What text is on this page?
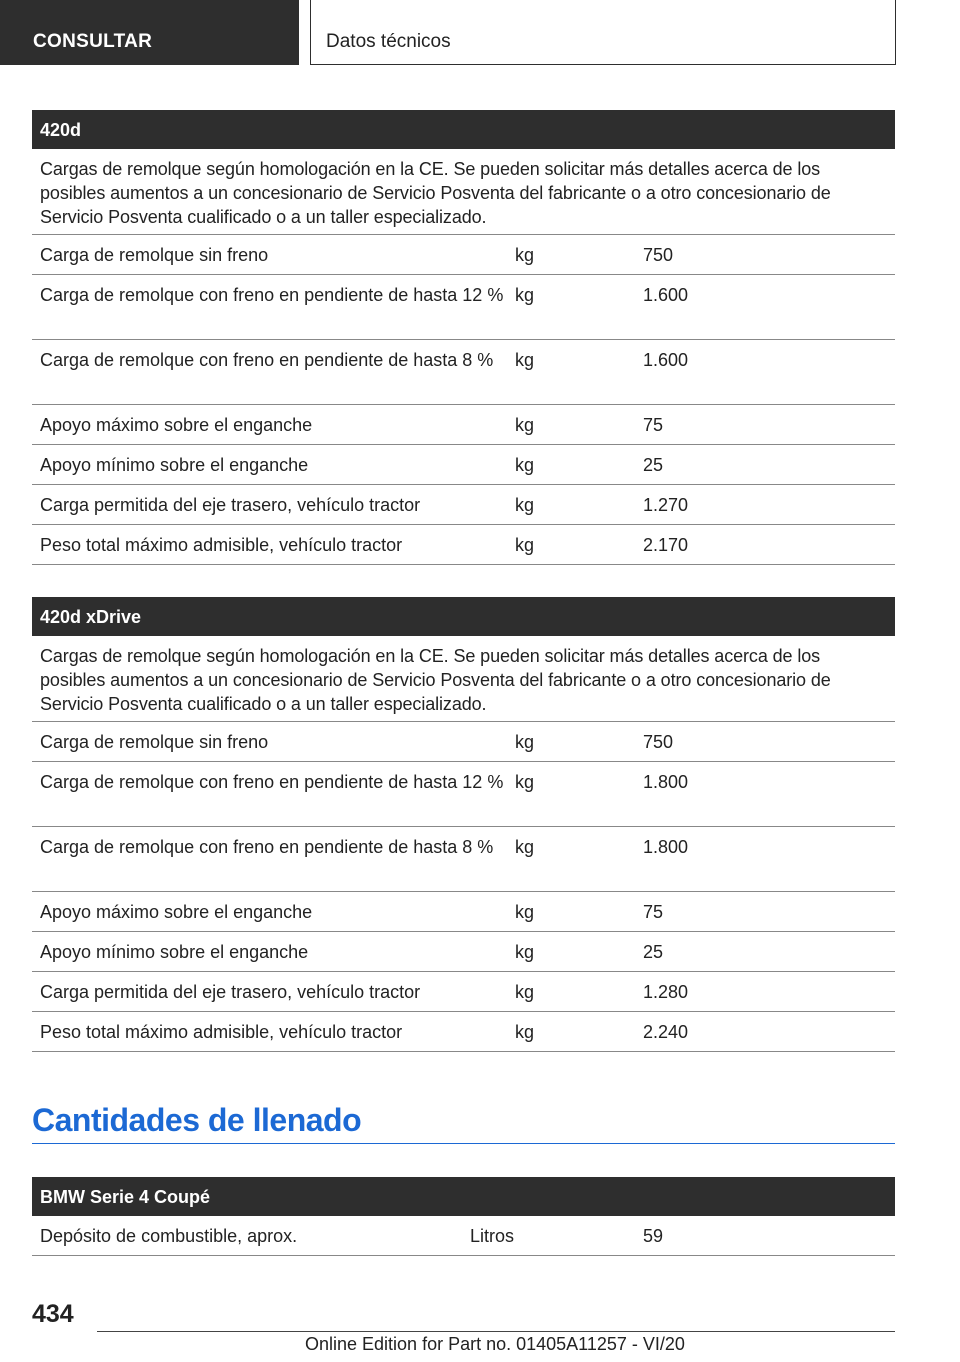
CONSULTAR	Datos técnicos
420d
Cargas de remolque según homologación en la CE. Se pueden solicitar más detalles acerca de los posibles aumentos a un concesionario de Servicio Posventa del fabricante o a otro concesionario de Servicio Posventa cualificado o a un taller especializado.
Carga de remolque sin freno	kg	750
Carga de remolque con freno en pendiente de hasta 12 % kg	1.600
Carga de remolque con freno en pendiente de hasta 8 %	kg	1.600
Apoyo máximo sobre el enganche	kg	75
Apoyo mínimo sobre el enganche	kg	25
Carga permitida del eje trasero, vehículo tractor	kg	1.270
Peso total máximo admisible, vehículo tractor	kg	2.170
420d xDrive
Cargas de remolque según homologación en la CE. Se pueden solicitar más detalles acerca de los posibles aumentos a un concesionario de Servicio Posventa del fabricante o a otro concesionario de Servicio Posventa cualificado o a un taller especializado.
Carga de remolque sin freno	kg	750
Carga de remolque con freno en pendiente de hasta 12 % kg	1.800
Carga de remolque con freno en pendiente de hasta 8 %	kg	1.800
Apoyo máximo sobre el enganche	kg	75
Apoyo mínimo sobre el enganche	kg	25
Carga permitida del eje trasero, vehículo tractor	kg	1.280
Peso total máximo admisible, vehículo tractor	kg	2.240
Cantidades de llenado
BMW Serie 4 Coupé
Depósito de combustible, aprox.	Litros	59
434
Online Edition for Part no. 01405A11257 - VI/20
